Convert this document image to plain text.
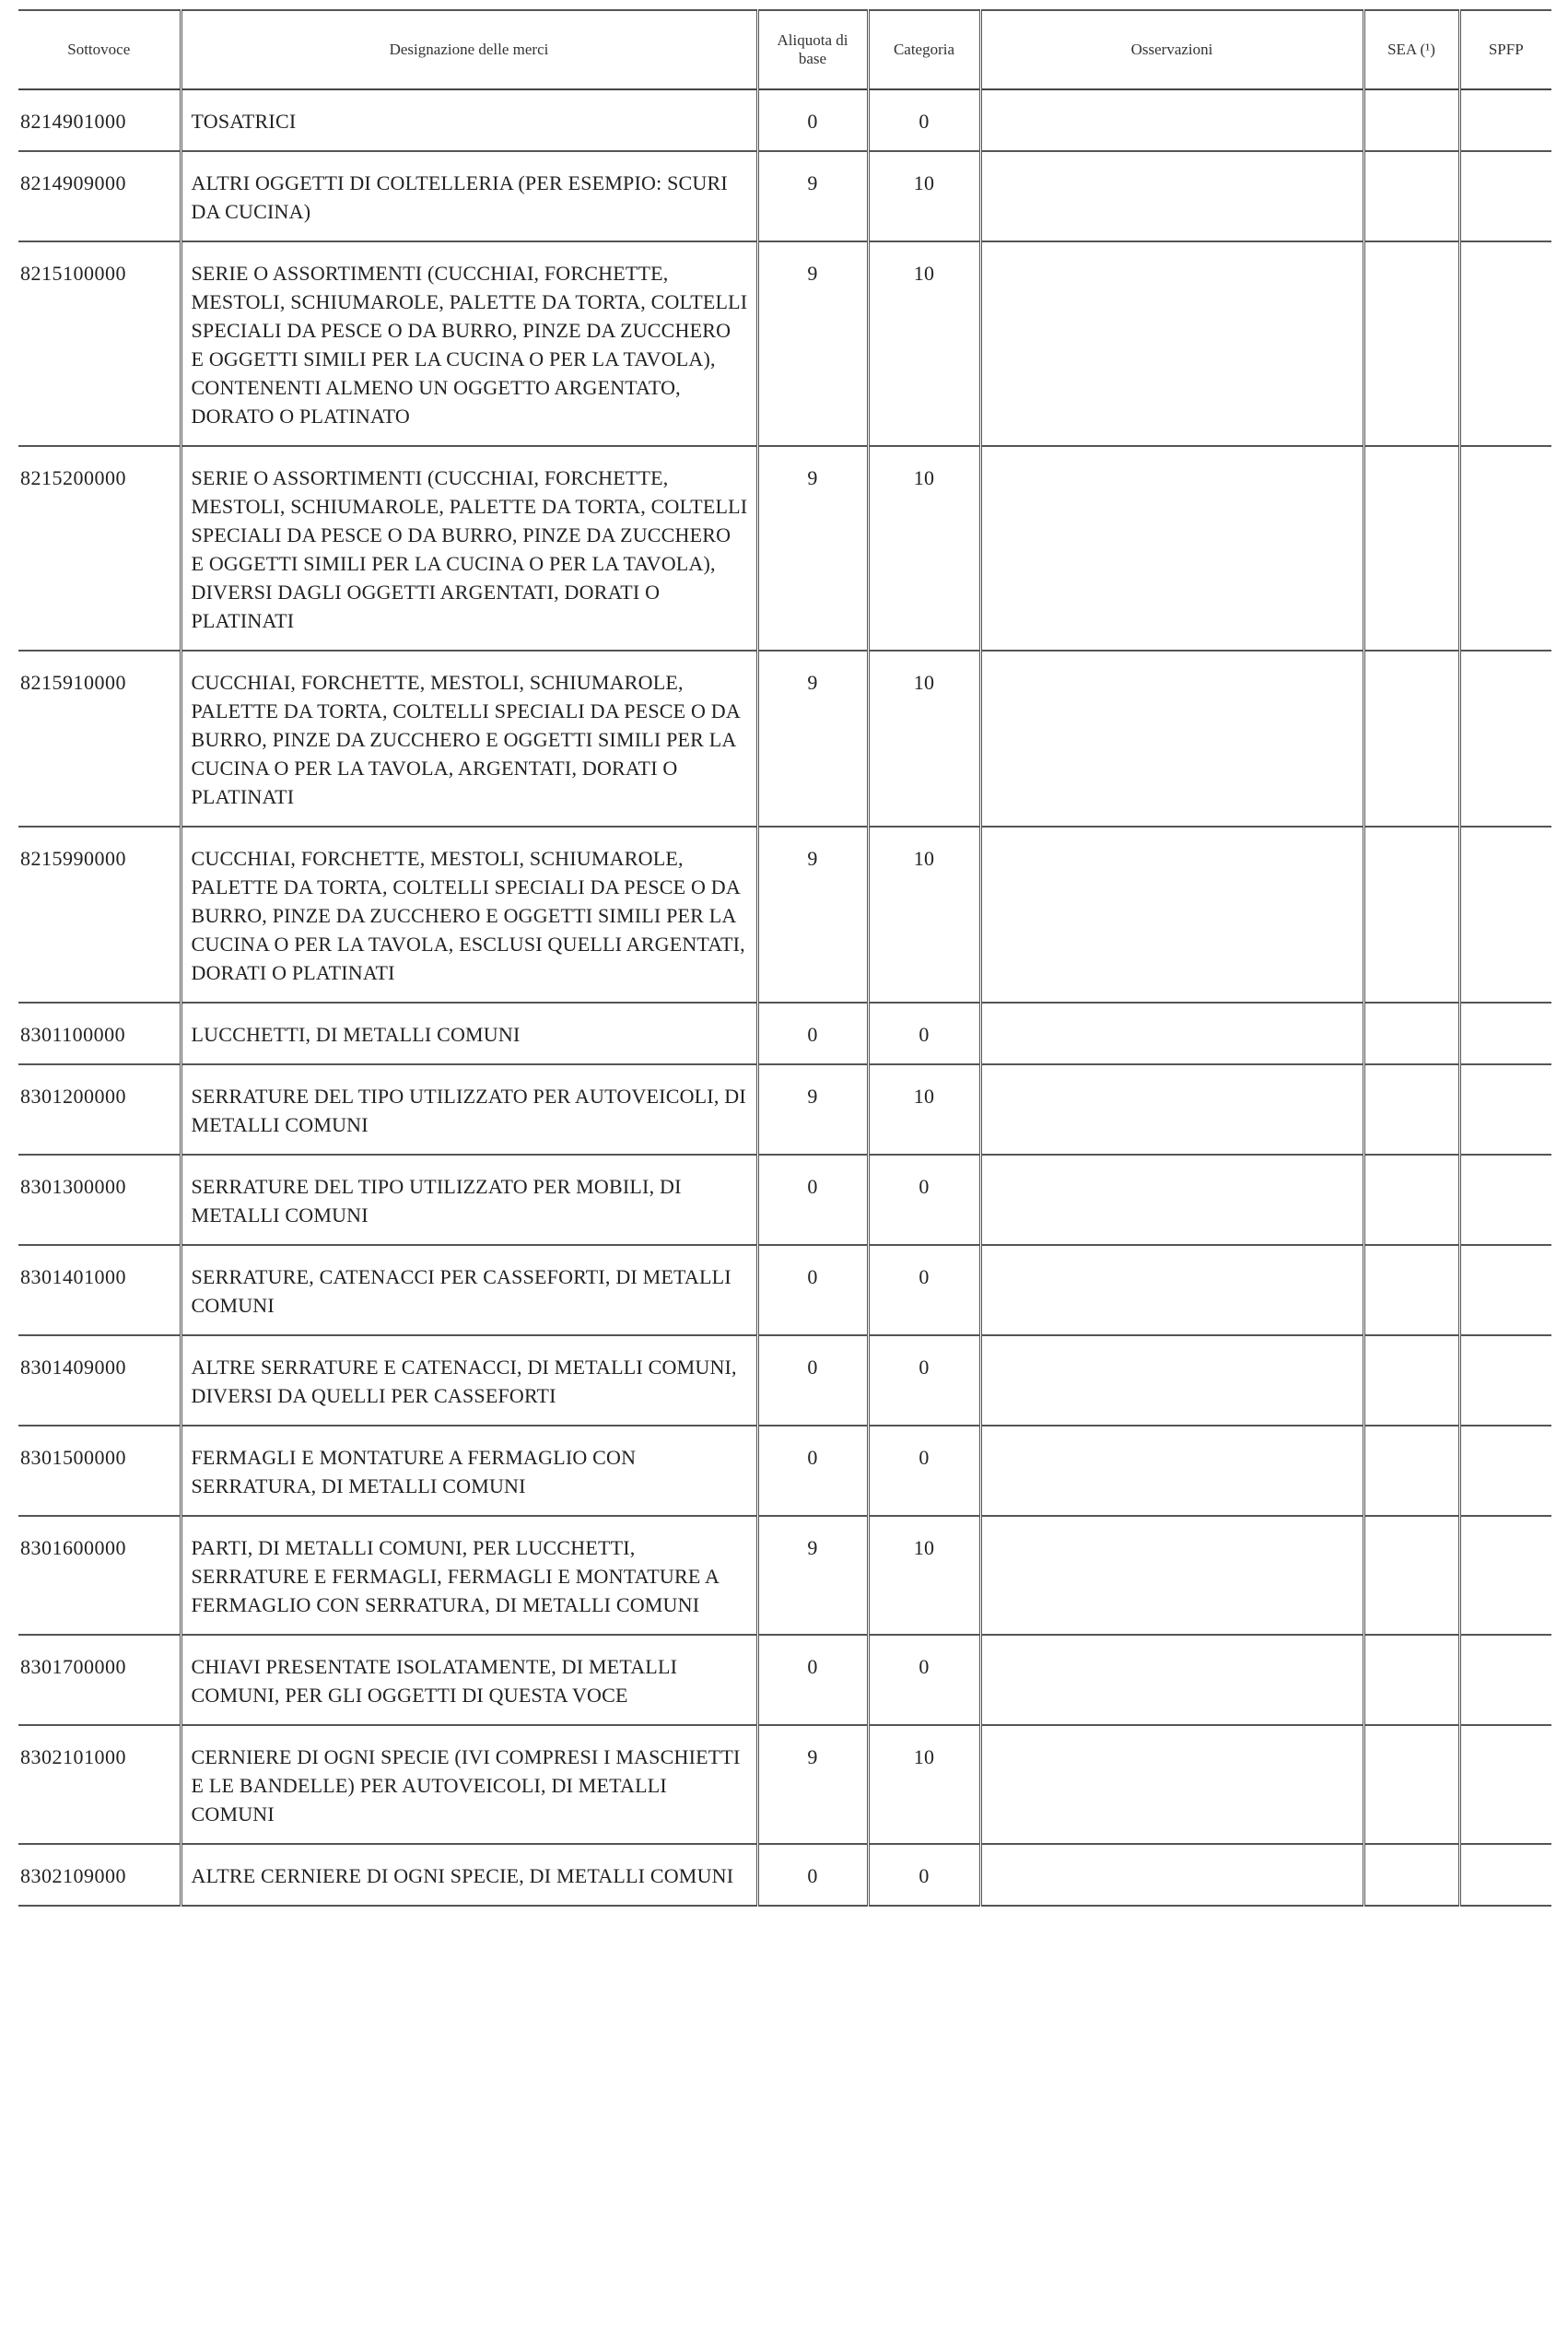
Sottovoce	Designazione delle merci	Aliquota di base	Categoria	Osservazioni	SEA (¹)	SPFP
8214901000	TOSATRICI	0	0			
8214909000	ALTRI OGGETTI DI COLTELLERIA (PER ESEMPIO: SCURI DA CUCINA)	9	10			
8215100000	SERIE O ASSORTIMENTI (CUCCHIAI, FORCHETTE, MESTOLI, SCHIUMAROLE, PALETTE DA TORTA, COLTELLI SPECIALI DA PESCE O DA BURRO, PINZE DA ZUCCHERO E OGGETTI SIMILI PER LA CUCINA O PER LA TAVOLA), CONTENENTI ALMENO UN OGGETTO ARGENTATO, DORATO O PLATINATO	9	10			
8215200000	SERIE O ASSORTIMENTI (CUCCHIAI, FORCHETTE, MESTOLI, SCHIUMAROLE, PALETTE DA TORTA, COLTELLI SPECIALI DA PESCE O DA BURRO, PINZE DA ZUCCHERO E OGGETTI SIMILI PER LA CUCINA O PER LA TAVOLA), DIVERSI DAGLI OGGETTI ARGENTATI, DORATI O PLATINATI	9	10			
8215910000	CUCCHIAI, FORCHETTE, MESTOLI, SCHIUMAROLE, PALETTE DA TORTA, COLTELLI SPECIALI DA PESCE O DA BURRO, PINZE DA ZUCCHERO E OGGETTI SIMILI PER LA CUCINA O PER LA TAVOLA, ARGENTATI, DORATI O PLATINATI	9	10			
8215990000	CUCCHIAI, FORCHETTE, MESTOLI, SCHIUMAROLE, PALETTE DA TORTA, COLTELLI SPECIALI DA PESCE O DA BURRO, PINZE DA ZUCCHERO E OGGETTI SIMILI PER LA CUCINA O PER LA TAVOLA, ESCLUSI QUELLI ARGENTATI, DORATI O PLATINATI	9	10			
8301100000	LUCCHETTI, DI METALLI COMUNI	0	0			
8301200000	SERRATURE DEL TIPO UTILIZZATO PER AUTOVEICOLI, DI METALLI COMUNI	9	10			
8301300000	SERRATURE DEL TIPO UTILIZZATO PER MOBILI, DI METALLI COMUNI	0	0			
8301401000	SERRATURE, CATENACCI PER CASSEFORTI, DI METALLI COMUNI	0	0			
8301409000	ALTRE SERRATURE E CATENACCI, DI METALLI COMUNI, DIVERSI DA QUELLI PER CASSEFORTI	0	0			
8301500000	FERMAGLI E MONTATURE A FERMAGLIO CON SERRATURA, DI METALLI COMUNI	0	0			
8301600000	PARTI, DI METALLI COMUNI, PER LUCCHETTI, SERRATURE E FERMAGLI, FERMAGLI E MONTATURE A FERMAGLIO CON SERRATURA, DI METALLI COMUNI	9	10			
8301700000	CHIAVI PRESENTATE ISOLATAMENTE, DI METALLI COMUNI, PER GLI OGGETTI DI QUESTA VOCE	0	0			
8302101000	CERNIERE DI OGNI SPECIE (IVI COMPRESI I MASCHIETTI E LE BANDELLE) PER AUTOVEICOLI, DI METALLI COMUNI	9	10			
8302109000	ALTRE CERNIERE DI OGNI SPECIE, DI METALLI COMUNI	0	0			
